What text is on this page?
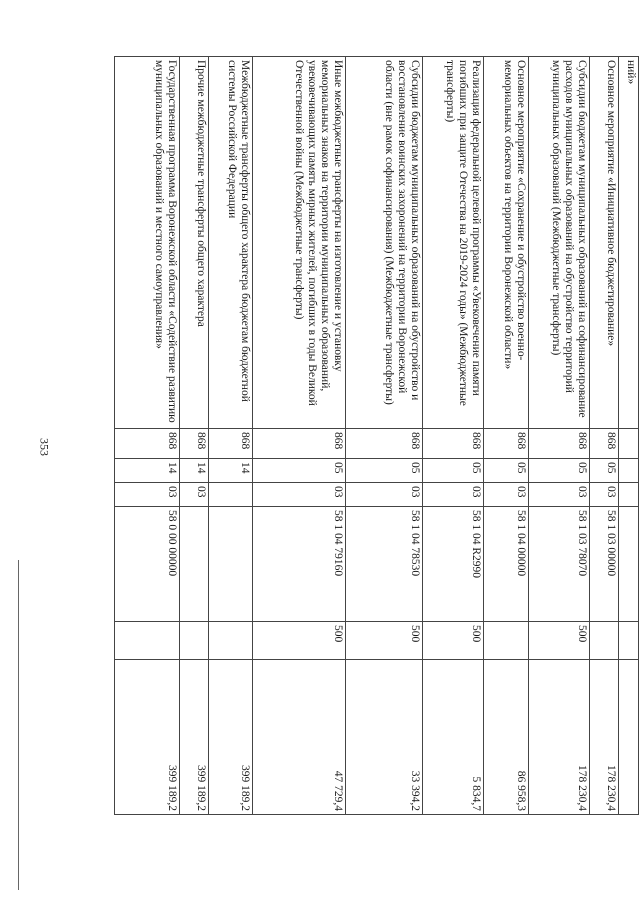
353
ний»						
Основное мероприятие «Инициативное бюджетирование»	868	05	03	58 1 03 00000		178 230,4
Субсидии бюджетам муниципальных образований на софинансирование расходов муниципальных образований на обустройство территорий муниципальных образований (Межбюджетные трансферты)	868	05	03	58 1 03 78070	500	178 230,4
Основное мероприятие «Сохранение и обустройство военно-мемориальных объектов на территории Воронежской области»	868	05	03	58 1 04 00000		86 958,3
Реализация федеральной целевой программы «Увековечение памяти погибших при защите Отечества на 2019-2024 годы» (Межбюджетные трансферты)	868	05	03	58 1 04 R2990	500	5 834,7
Субсидии бюджетам муниципальных образований на обустройство и восстановление воинских захоронений на территории Воронежской области (вне рамок софинансирования) (Межбюджетные трансферты)	868	05	03	58 1 04 78530	500	33 394,2
Иные межбюджетные трансферты на изготовление и установку мемориальных знаков на территории муниципальных образований, увековечивающих память мирных жителей, погибших в годы Великой Отечественной войны (Межбюджетные трансферты)	868	05	03	58 1 04 79160	500	47 729,4
Межбюджетные трансферты общего характера бюджетам бюджетной системы Российской Федерации	868	14				399 189,2
Прочие межбюджетные трансферты общего характера	868	14	03			399 189,2
Государственная программа Воронежской области «Содействие развитию муниципальных образований и местного самоуправления»	868	14	03	58 0 00 00000		399 189,2
